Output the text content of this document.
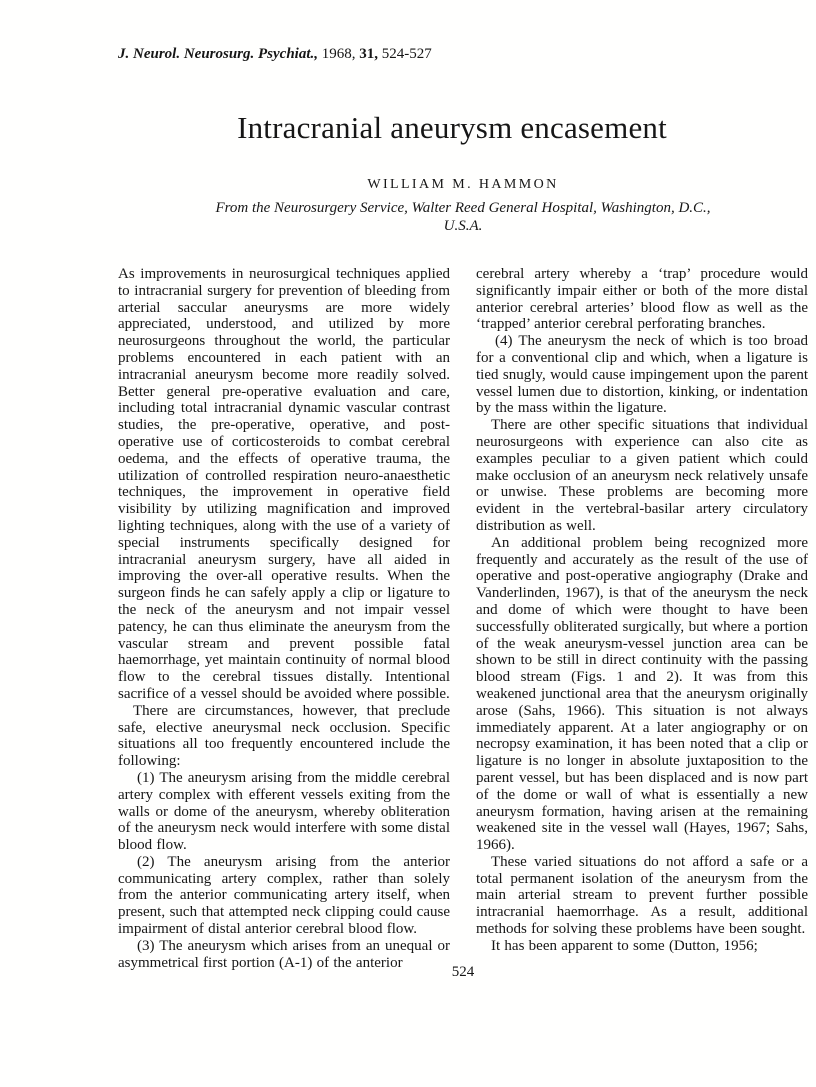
J. Neurol. Neurosurg. Psychiat., 1968, 31, 524-527
Intracranial aneurysm encasement
WILLIAM M. HAMMON
From the Neurosurgery Service, Walter Reed General Hospital, Washington, D.C.,
U.S.A.

As improvements in neurosurgical techniques applied to intracranial surgery for prevention of bleeding from arterial saccular aneurysms are more widely appreciated, understood, and utilized by more neurosurgeons throughout the world, the particular problems encountered in each patient with an intracranial aneurysm become more readily solved. Better general pre-operative evaluation and care, including total intracranial dynamic vascular contrast studies, the pre-operative, operative, and post-operative use of corticosteroids to combat cerebral oedema, and the effects of operative trauma, the utilization of controlled respiration neuro-anaesthetic techniques, the improvement in operative field visibility by utilizing magnification and improved lighting techniques, along with the use of a variety of special instruments specifically designed for intracranial aneurysm surgery, have all aided in improving the over-all operative results. When the surgeon finds he can safely apply a clip or ligature to the neck of the aneurysm and not impair vessel patency, he can thus eliminate the aneurysm from the vascular stream and prevent possible fatal haemorrhage, yet maintain continuity of normal blood flow to the cerebral tissues distally. Intentional sacrifice of a vessel should be avoided where possible.

There are circumstances, however, that preclude safe, elective aneurysmal neck occlusion. Specific situations all too frequently encountered include the following:

(1) The aneurysm arising from the middle cerebral artery complex with efferent vessels exiting from the walls or dome of the aneurysm, whereby obliteration of the aneurysm neck would interfere with some distal blood flow.

(2) The aneurysm arising from the anterior communicating artery complex, rather than solely from the anterior communicating artery itself, when present, such that attempted neck clipping could cause impairment of distal anterior cerebral blood flow.

(3) The aneurysm which arises from an unequal or asymmetrical first portion (A-1) of the anterior

cerebral artery whereby a ‘trap’ procedure would significantly impair either or both of the more distal anterior cerebral arteries’ blood flow as well as the ‘trapped’ anterior cerebral perforating branches.

(4) The aneurysm the neck of which is too broad for a conventional clip and which, when a ligature is tied snugly, would cause impingement upon the parent vessel lumen due to distortion, kinking, or indentation by the mass within the ligature.

There are other specific situations that individual neurosurgeons with experience can also cite as examples peculiar to a given patient which could make occlusion of an aneurysm neck relatively unsafe or unwise. These problems are becoming more evident in the vertebral-basilar artery circulatory distribution as well.

An additional problem being recognized more frequently and accurately as the result of the use of operative and post-operative angiography (Drake and Vanderlinden, 1967), is that of the aneurysm the neck and dome of which were thought to have been successfully obliterated surgically, but where a portion of the weak aneurysm-vessel junction area can be shown to be still in direct continuity with the passing blood stream (Figs. 1 and 2). It was from this weakened junctional area that the aneurysm originally arose (Sahs, 1966). This situation is not always immediately apparent. At a later angiography or on necropsy examination, it has been noted that a clip or ligature is no longer in absolute juxtaposition to the parent vessel, but has been displaced and is now part of the dome or wall of what is essentially a new aneurysm formation, having arisen at the remaining weakened site in the vessel wall (Hayes, 1967; Sahs, 1966).

These varied situations do not afford a safe or a total permanent isolation of the aneurysm from the main arterial stream to prevent further possible intracranial haemorrhage. As a result, additional methods for solving these problems have been sought.

It has been apparent to some (Dutton, 1956;

524
